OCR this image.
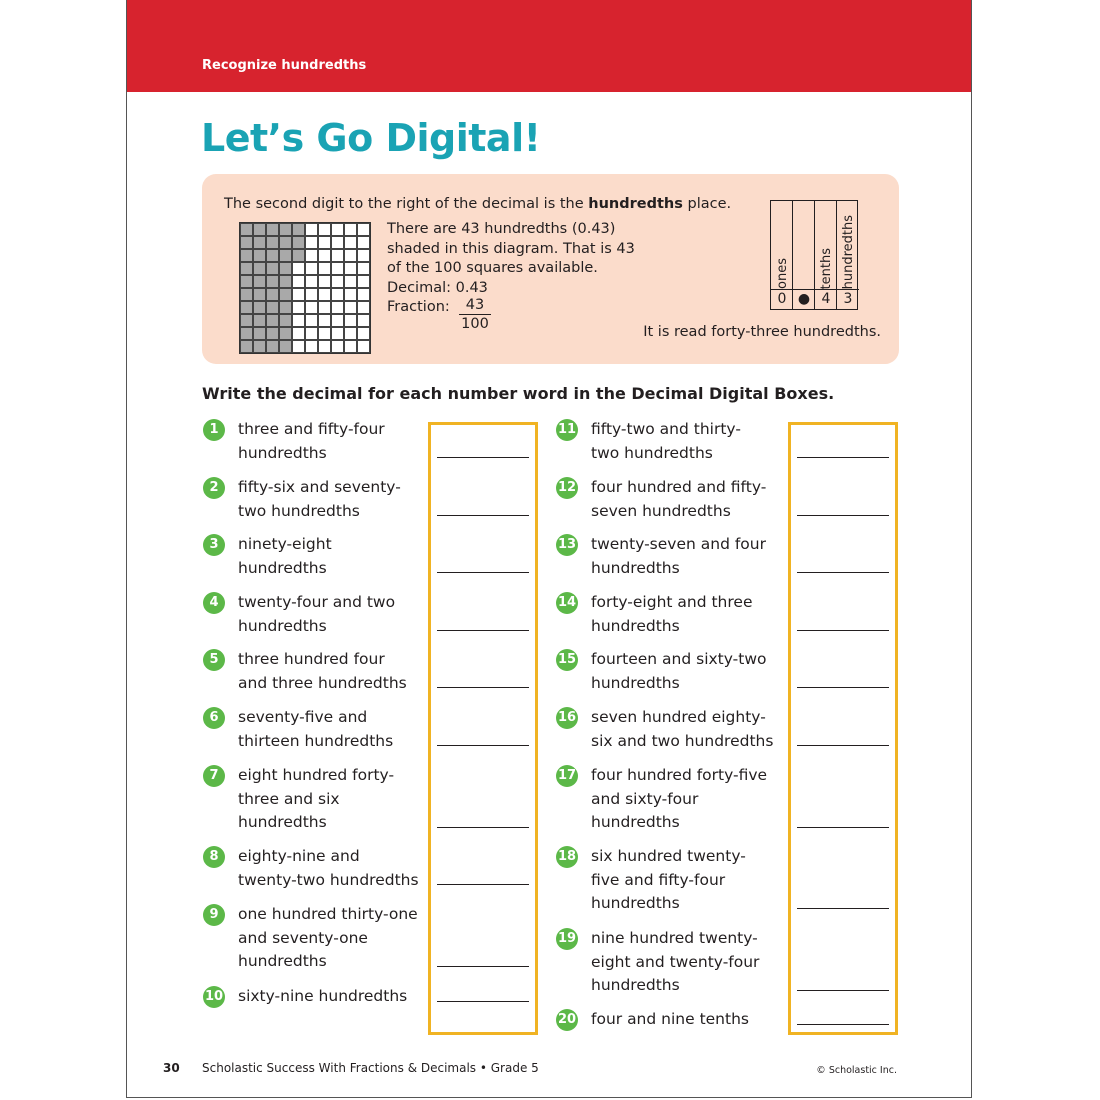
Recognize hundredths
Let’s Go Digital!
The second digit to the right of the decimal is the hundredths place.
There are 43 hundredths (0.43)
shaded in this diagram. That is 43
of the 100 squares available.
Decimal: 0.43
Fraction: $\frac{43}{100}$
ones
0 ●
tenths
4
hundredths
3
It is read forty-three hundredths.
Write the decimal for each number word in the Decimal Digital Boxes.
1	three and fifty-four
hundredths
2	fifty-six and seventy-
two hundredths
3	ninety-eight
hundredths
4	twenty-four and two
hundredths
5	three hundred four
and three hundredths
6	seventy-five and
thirteen hundredths
7	eight hundred forty-
three and six
hundredths
8	eighty-nine and
twenty-two hundredths
9	one hundred thirty-one
and seventy-one
hundredths
10 sixty-nine hundredths
11 fifty-two and thirty-
two hundredths
12 four hundred and fifty-
seven hundredths
13 twenty-seven and four
hundredths
14 forty-eight and three
hundredths
15 fourteen and sixty-two
hundredths
16 seven hundred eighty-
six and two hundredths
17 four hundred forty-five
and sixty-four
hundredths
18 six hundred twenty-
five and fifty-four
hundredths
19 nine hundred twenty-
eight and twenty-four
hundredths
20 four and nine tenths
30 Scholastic Success With Fractions & Decimals • Grade 5	© Scholastic Inc.
